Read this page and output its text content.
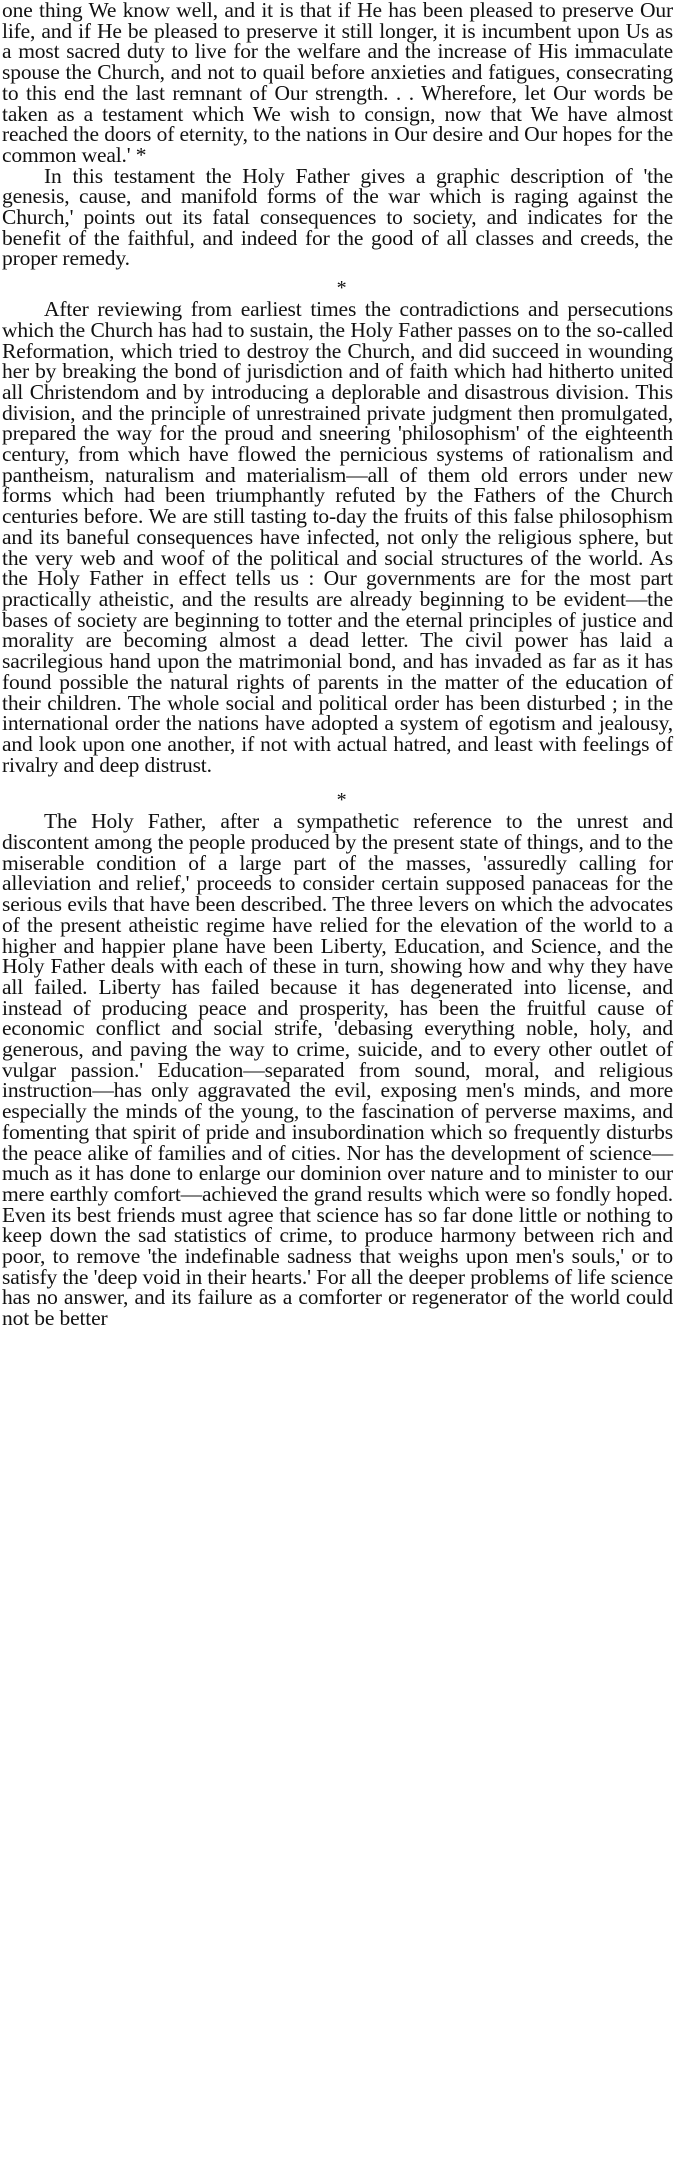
one thing We know well, and it is that if He has been pleased to preserve Our life, and if He be pleased to preserve it still longer, it is incumbent upon Us as a most sacred duty to live for the welfare and the increase of His immaculate spouse the Church, and not to quail before anxieties and fatigues, consecrating to this end the last remnant of Our strength. . . Wherefore, let Our words be taken as a testament which We wish to consign, now that We have almost reached the doors of eternity, to the nations in Our desire and Our hopes for the common weal.' *

In this testament the Holy Father gives a graphic description of 'the genesis, cause, and manifold forms of the war which is raging against the Church,' points out its fatal consequences to society, and indicates for the benefit of the faithful, and indeed for the good of all classes and creeds, the proper remedy.

*

After reviewing from earliest times the contradictions and persecutions which the Church has had to sustain, the Holy Father passes on to the so-called Reformation, which tried to destroy the Church, and did succeed in wounding her by breaking the bond of jurisdiction and of faith which had hitherto united all Christendom and by introducing a deplorable and disastrous division. This division, and the principle of unrestrained private judgment then promulgated, prepared the way for the proud and sneering 'philosophism' of the eighteenth century, from which have flowed the pernicious systems of rationalism and pantheism, naturalism and materialism—all of them old errors under new forms which had been triumphantly refuted by the Fathers of the Church centuries before. We are still tasting to-day the fruits of this false philosophism and its baneful consequences have infected, not only the religious sphere, but the very web and woof of the political and social structures of the world. As the Holy Father in effect tells us : Our governments are for the most part practically atheistic, and the results are already beginning to be evident—the bases of society are beginning to totter and the eternal principles of justice and morality are becoming almost a dead letter. The civil power has laid a sacrilegious hand upon the matrimonial bond, and has invaded as far as it has found possible the natural rights of parents in the matter of the education of their children. The whole social and political order has been disturbed ; in the international order the nations have adopted a system of egotism and jealousy, and look upon one another, if not with actual hatred, and least with feelings of rivalry and deep distrust.

*

The Holy Father, after a sympathetic reference to the unrest and discontent among the people produced by the present state of things, and to the miserable condition of a large part of the masses, 'assuredly calling for alleviation and relief,' proceeds to consider certain supposed panaceas for the serious evils that have been described. The three levers on which the advocates of the present atheistic regime have relied for the elevation of the world to a higher and happier plane have been Liberty, Education, and Science, and the Holy Father deals with each of these in turn, showing how and why they have all failed. Liberty has failed because it has degenerated into license, and instead of producing peace and prosperity, has been the fruitful cause of economic conflict and social strife, 'debasing everything noble, holy, and generous, and paving the way to crime, suicide, and to every other outlet of vulgar passion.' Education—separated from sound, moral, and religious instruction—has only aggravated the evil, exposing men's minds, and more especially the minds of the young, to the fascination of perverse maxims, and fomenting that spirit of pride and insubordination which so frequently disturbs the peace alike of families and of cities. Nor has the development of science—much as it has done to enlarge our dominion over nature and to minister to our mere earthly comfort—achieved the grand results which were so fondly hoped. Even its best friends must agree that science has so far done little or nothing to keep down the sad statistics of crime, to produce harmony between rich and poor, to remove 'the indefinable sadness that weighs upon men's souls,' or to satisfy the 'deep void in their hearts.' For all the deeper problems of life science has no answer, and its failure as a comforter or regenerator of the world could not be better
